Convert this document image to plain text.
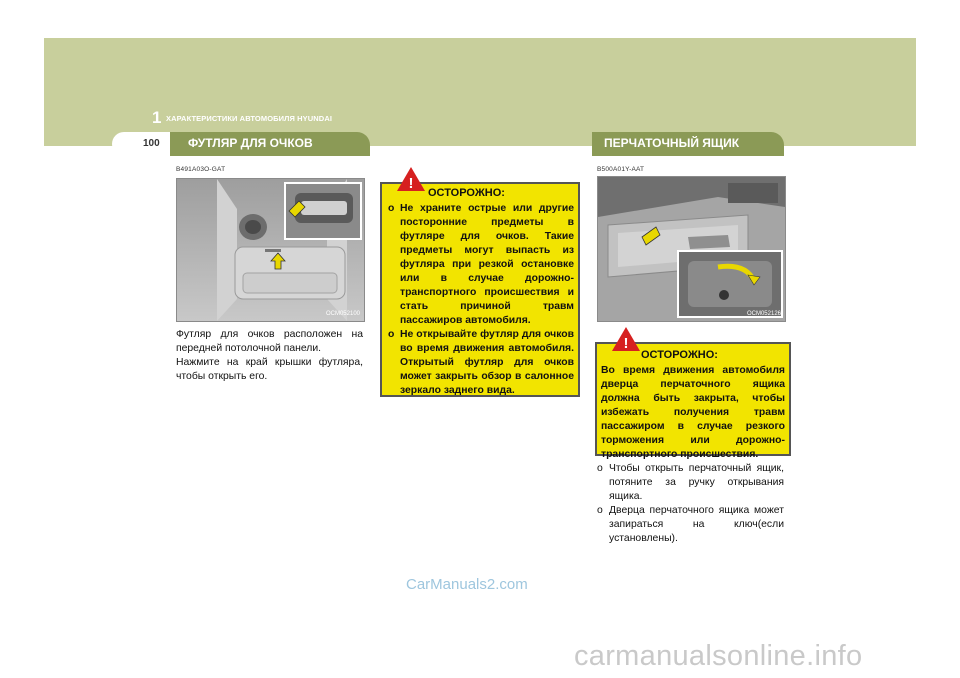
1 ХАРАКТЕРИСТИКИ АВТОМОБИЛЯ HYUNDAI
100	ФУТЛЯР ДЛЯ ОЧКОВ	ПЕРЧАТОЧНЫЙ ЯЩИК
B491A03O-GAT
OCM052100

Футляр для очков расположен на передней потолочной панели.

Нажмите на край крышки футляра, чтобы открыть его.

!
ОСТОРОЖНО:
o Не храните острые или другие посторонние предметы в футляре для очков. Такие предметы могут выпасть из футляра при резкой остановке или в случае дорожно-транспортного происшествия и стать причиной травм пассажиров автомобиля.
o Не открывайте футляр для очков во время движения автомобиля. Открытый футляр для очков может закрыть обзор в салонное зеркало заднего вида.
B500A01Y-AAT
OCM052126
!
ОСТОРОЖНО:
Во время движения автомобиля дверца перчаточного ящика должна быть закрыта, чтобы избежать получения травм пассажиром в случае резкого торможения или дорожно-транспортного происшествия.
o Чтобы открыть перчаточный ящик, потяните за ручку открывания ящика.
o Дверца перчаточного ящика может запираться на ключ(если установлены).
CarManuals2.com
carmanualsonline.info
